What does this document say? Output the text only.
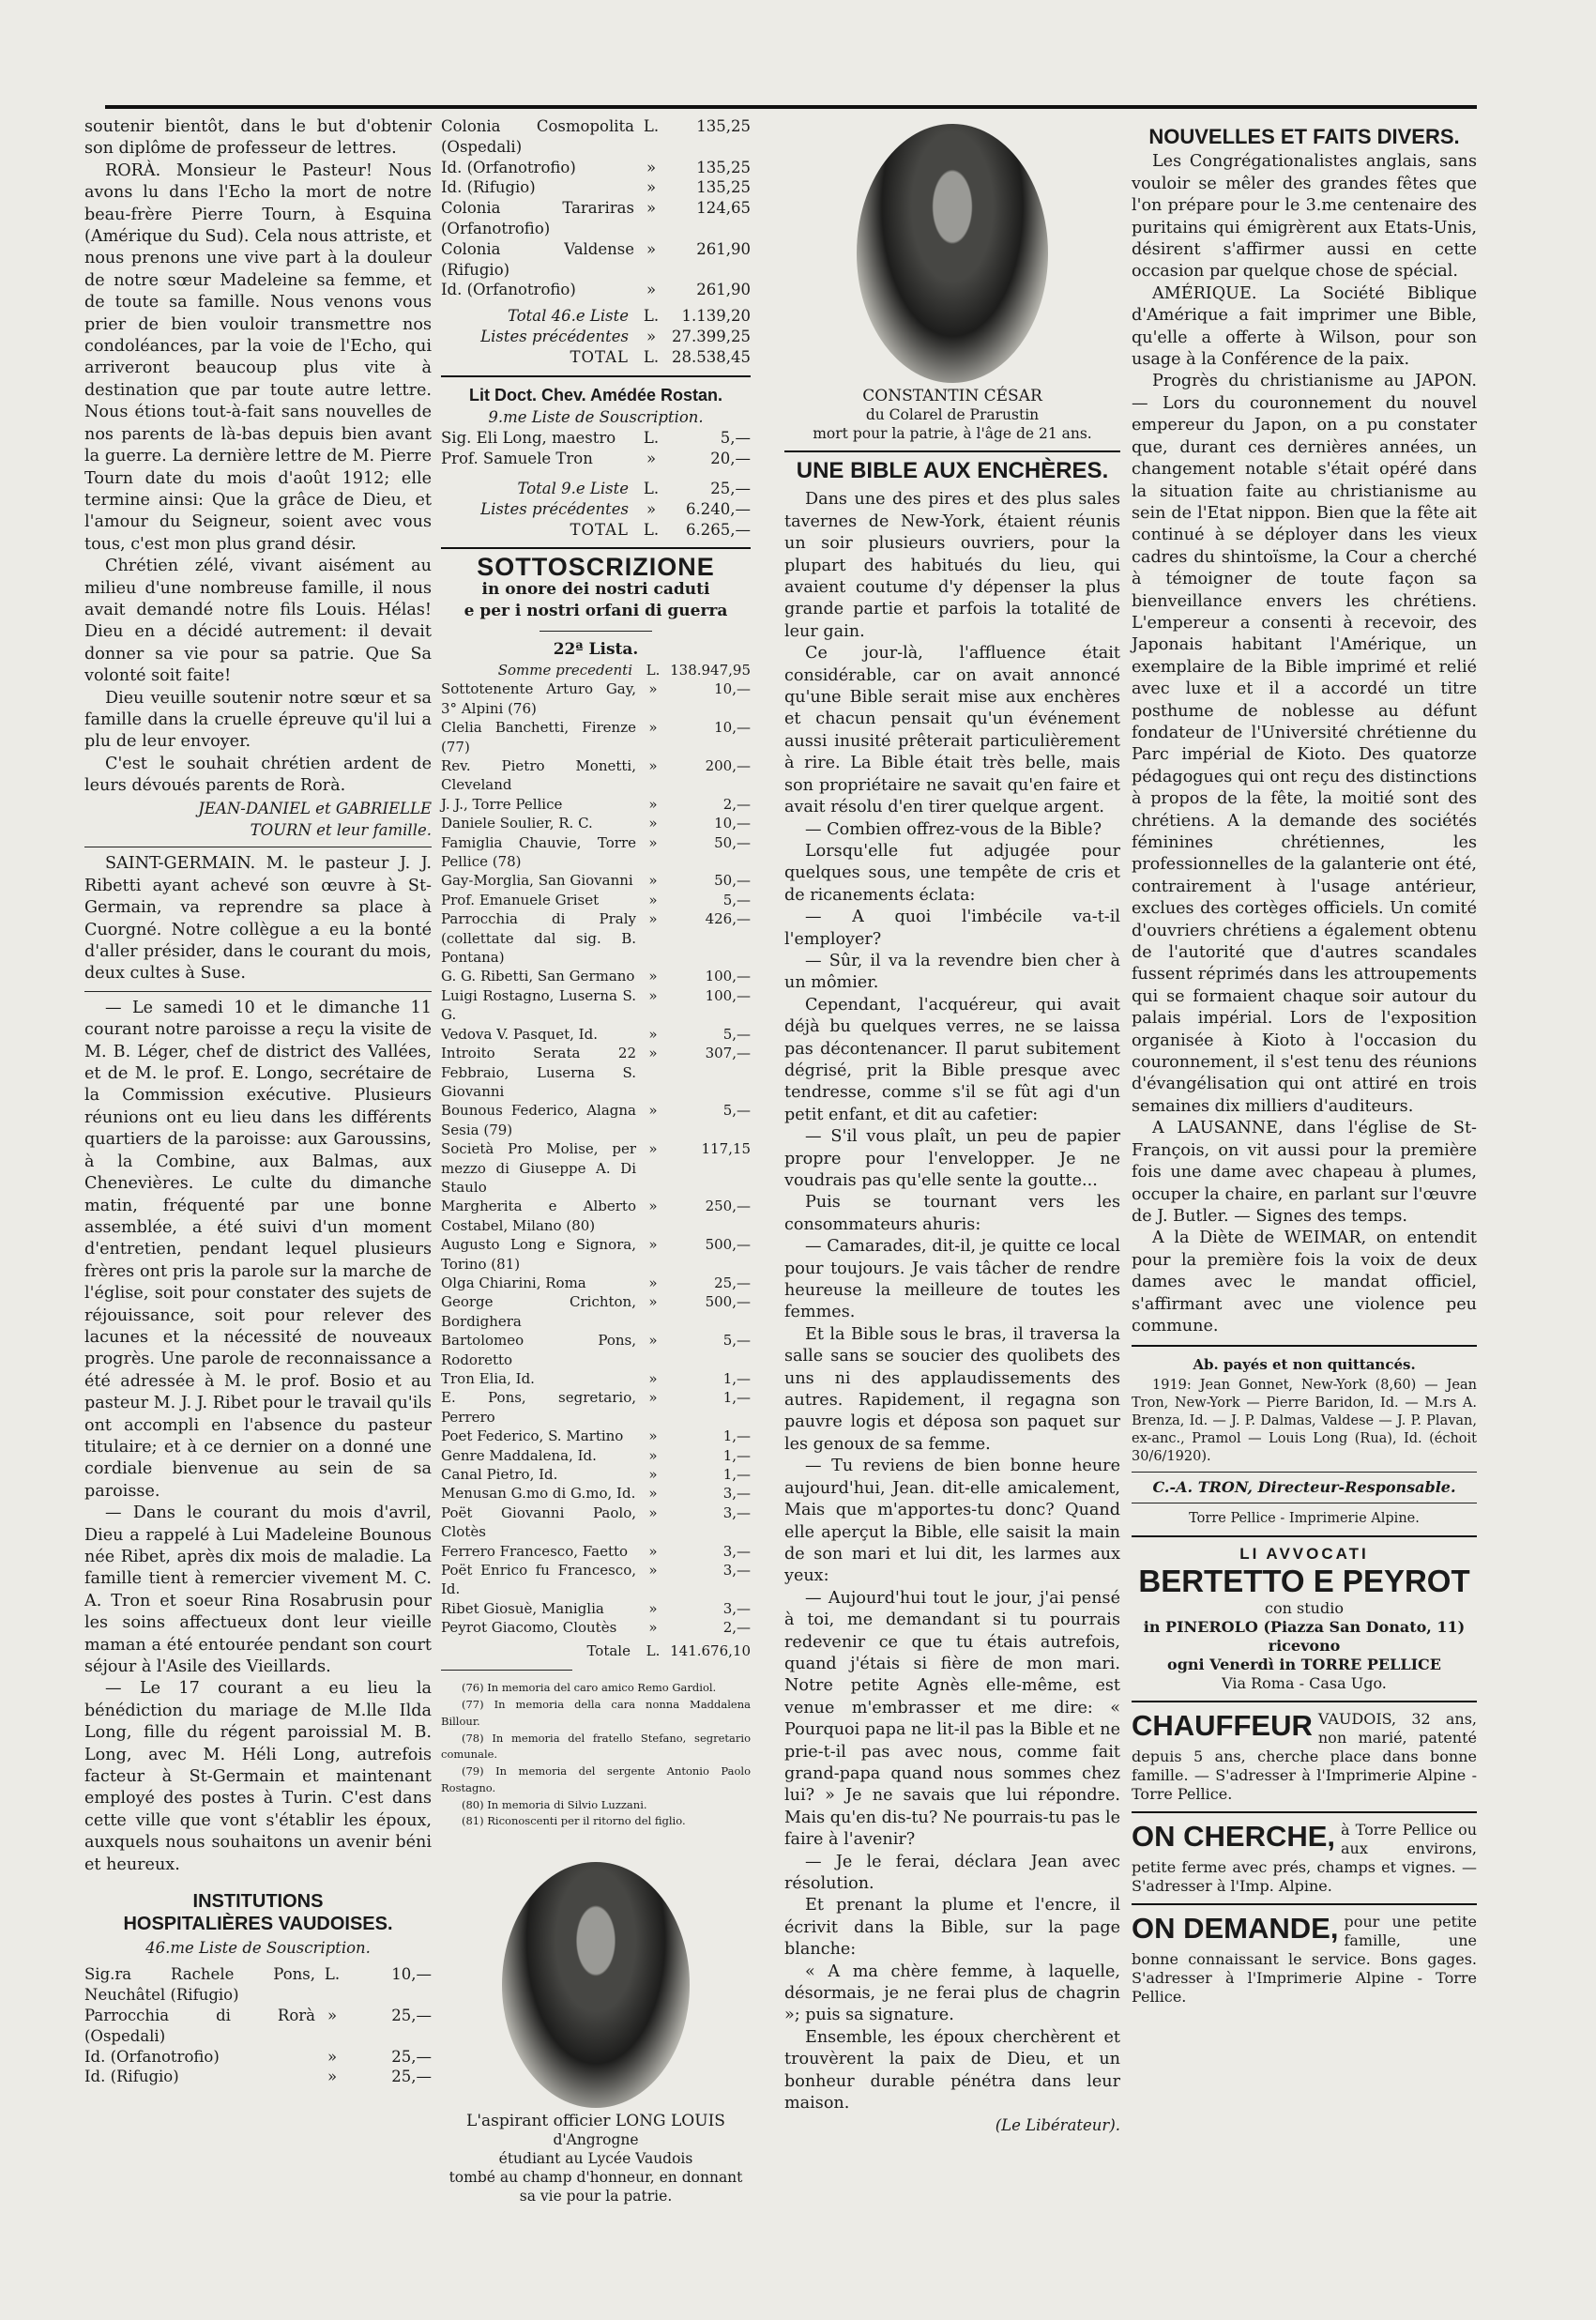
soutenir bientôt, dans le but d'obtenir son diplôme de professeur de lettres.

RORÀ. Monsieur le Pasteur! Nous avons lu dans l'Echo la mort de notre beau-frère Pierre Tourn, à Esquina (Amérique du Sud). Cela nous attriste, et nous prenons une vive part à la douleur de notre sœur Madeleine sa femme, et de toute sa famille. Nous venons vous prier de bien vouloir transmettre nos condoléances, par la voie de l'Echo, qui arriveront beaucoup plus vite à destination que par toute autre lettre. Nous étions tout-à-fait sans nouvelles de nos parents de là-bas depuis bien avant la guerre. La dernière lettre de M. Pierre Tourn date du mois d'août 1912; elle termine ainsi: Que la grâce de Dieu, et l'amour du Seigneur, soient avec vous tous, c'est mon plus grand désir.

Chrétien zélé, vivant aisément au milieu d'une nombreuse famille, il nous avait demandé notre fils Louis. Hélas! Dieu en a décidé autrement: il devait donner sa vie pour sa patrie. Que Sa volonté soit faite!

Dieu veuille soutenir notre sœur et sa famille dans la cruelle épreuve qu'il lui a plu de leur envoyer.

C'est le souhait chrétien ardent de leurs dévoués parents de Rorà.

JEAN-DANIEL et GABRIELLE

TOURN et leur famille.

SAINT-GERMAIN. M. le pasteur J. J. Ribetti ayant achevé son œuvre à St-Germain, va reprendre sa place à Cuorgné. Notre collègue a eu la bonté d'aller présider, dans le courant du mois, deux cultes à Suse.

— Le samedi 10 et le dimanche 11 courant notre paroisse a reçu la visite de M. B. Léger, chef de district des Vallées, et de M. le prof. E. Longo, secrétaire de la Commission exécutive. Plusieurs réunions ont eu lieu dans les différents quartiers de la paroisse: aux Garoussins, à la Combine, aux Balmas, aux Chenevières. Le culte du dimanche matin, fréquenté par une bonne assemblée, a été suivi d'un moment d'entretien, pendant lequel plusieurs frères ont pris la parole sur la marche de l'église, soit pour constater des sujets de réjouissance, soit pour relever des lacunes et la nécessité de nouveaux progrès. Une parole de reconnaissance a été adressée à M. le prof. Bosio et au pasteur M. J. J. Ribet pour le travail qu'ils ont accompli en l'absence du pasteur titulaire; et à ce dernier on a donné une cordiale bienvenue au sein de sa paroisse.

— Dans le courant du mois d'avril, Dieu a rappelé à Lui Madeleine Bounous née Ribet, après dix mois de maladie. La famille tient à remercier vivement M. C. A. Tron et soeur Rina Rosabrusin pour les soins affectueux dont leur vieille maman a été entourée pendant son court séjour à l'Asile des Vieillards.

— Le 17 courant a eu lieu la bénédiction du mariage de M.lle Ilda Long, fille du régent paroissial M. B. Long, avec M. Héli Long, autrefois facteur à St-Germain et maintenant employé des postes à Turin. C'est dans cette ville que vont s'établir les époux, auxquels nous souhaitons un avenir béni et heureux.

INSTITUTIONS

HOSPITALIÈRES VAUDOISES.

46.me Liste de Souscription.

Sig.ra Rachele Pons, Neuchâtel (Rifugio)
L.	10,—
Parrocchia di Rorà (Ospedali)
»	25,—
Id. (Orfanotrofio)	»	25,—
Id. (Rifugio)	»	25,—
Colonia Cosmopolita (Ospedali)
L.	135,25
Id. (Orfanotrofio)	»	135,25
Id. (Rifugio)	»	135,25
Colonia Tarariras (Orfanotrofio)
»	124,65
Colonia Valdense (Rifugio)
»	261,90
Id. (Orfanotrofio)	»	261,90
Total 46.e Liste L.	1.139,20
Listes précédentes	»	27.399,25
TOTAL L. 28.538,45

Lit Doct. Chev. Amédée Rostan.

9.me Liste de Souscription.

Sig. Eli Long, maestro	L.	5,—
Prof. Samuele Tron	»	20,—
Total 9.e Liste L.	25,—
Listes précédentes	»	6.240,—
TOTAL L.	6.265,—

SOTTOSCRIZIONE

in onore dei nostri caduti

e per i nostri orfani di guerra

22ª Lista.

Somme precedenti L. 138.947,95
Sottotenente Arturo Gay, 3° Alpini (76)
»	10,—
Clelia Banchetti, Firenze (77)
»	10,—
Rev. Pietro Monetti, Cleveland
»	200,—
J. J., Torre Pellice	»	2,—
Daniele Soulier, R. C.	»	10,—
Famiglia Chauvie, Torre Pellice (78)
»	50,—
Gay-Morglia, San Giovanni	»	50,—
Prof. Emanuele Griset	»	5,—
Parrocchia di Praly (collettate dal sig. B. Pontana)
»	426,—
G. G. Ribetti, San Germano »	100,—
Luigi Rostagno, Luserna S. G.
»	100,—
Vedova V. Pasquet, Id.	»	5,—
Introito Serata 22 Febbraio, Luserna S. Giovanni
»	307,—
Bounous Federico, Alagna Sesia (79)
»	5,—
Società Pro Molise, per mezzo di Giuseppe A. Di Staulo
»	117,15
Margherita e Alberto Costabel, Milano (80)
»	250,—
Augusto Long e Signora, Torino (81)
»	500,—
Olga Chiarini, Roma	»	25,—
George Crichton, Bordighera
»	500,—
Bartolomeo Pons, Rodoretto
»	5,—
Tron Elia, Id.	»	1,—
E. Pons, segretario, Perrero
»	1,—
Poet Federico, S. Martino	»	1,—
Genre Maddalena, Id.	»	1,—
Canal Pietro, Id.	»	1,—
Menusan G.mo di G.mo, Id. »	3,—
Poët Giovanni Paolo, Clotès
»	3,—
Ferrero Francesco, Faetto	»	3,—
Poët Enrico fu Francesco, Id.
»	3,—
Ribet Giosuè, Maniglia	»	3,—
Peyrot Giacomo, Cloutès	»	2,—
Totale	L. 141.676,10

(76) In memoria del caro amico Remo Gardiol.

(77) In memoria della cara nonna Maddalena Billour.

(78) In memoria del fratello Stefano, segretario comunale.

(79) In memoria del sergente Antonio Paolo Rostagno.

(80) In memoria di Silvio Luzzani.

(81) Riconoscenti per il ritorno del figlio.

L'aspirant officier LONG LOUIS

d'Angrogne

étudiant au Lycée Vaudois

tombé au champ d'honneur, en donnant sa vie pour la patrie.

CONSTANTIN CÉSAR

du Colarel de Prarustin

mort pour la patrie, à l'âge de 21 ans.

UNE BIBLE AUX ENCHÈRES.

Dans une des pires et des plus sales tavernes de New-York, étaient réunis un soir plusieurs ouvriers, pour la plupart des habitués du lieu, qui avaient coutume d'y dépenser la plus grande partie et parfois la totalité de leur gain.

Ce jour-là, l'affluence était considérable, car on avait annoncé qu'une Bible serait mise aux enchères et chacun pensait qu'un événement aussi inusité prêterait particulièrement à rire. La Bible était très belle, mais son propriétaire ne savait qu'en faire et avait résolu d'en tirer quelque argent.

— Combien offrez-vous de la Bible?

Lorsqu'elle fut adjugée pour quelques sous, une tempête de cris et de ricanements éclata:

— A quoi l'imbécile va-t-il l'employer?

— Sûr, il va la revendre bien cher à un mômier.

Cependant, l'acquéreur, qui avait déjà bu quelques verres, ne se laissa pas décontenancer. Il parut subitement dégrisé, prit la Bible presque avec tendresse, comme s'il se fût agi d'un petit enfant, et dit au cafetier:

— S'il vous plaît, un peu de papier propre pour l'envelopper. Je ne voudrais pas qu'elle sente la goutte...

Puis se tournant vers les consommateurs ahuris:

— Camarades, dit-il, je quitte ce local pour toujours. Je vais tâcher de rendre heureuse la meilleure de toutes les femmes.

Et la Bible sous le bras, il traversa la salle sans se soucier des quolibets des uns ni des applaudissements des autres. Rapidement, il regagna son pauvre logis et déposa son paquet sur les genoux de sa femme.

— Tu reviens de bien bonne heure aujourd'hui, Jean. dit-elle amicalement, Mais que m'apportes-tu donc? Quand elle aperçut la Bible, elle saisit la main de son mari et lui dit, les larmes aux yeux:

— Aujourd'hui tout le jour, j'ai pensé à toi, me demandant si tu pourrais redevenir ce que tu étais autrefois, quand j'étais si fière de mon mari. Notre petite Agnès elle-même, est venue m'embrasser et me dire: « Pourquoi papa ne lit-il pas la Bible et ne prie-t-il pas avec nous, comme fait grand-papa quand nous sommes chez lui? » Je ne savais que lui répondre. Mais qu'en dis-tu? Ne pourrais-tu pas le faire à l'avenir?

— Je le ferai, déclara Jean avec résolution.

Et prenant la plume et l'encre, il écrivit dans la Bible, sur la page blanche:

« A ma chère femme, à laquelle, désormais, je ne ferai plus de chagrin »; puis sa signature.

Ensemble, les époux cherchèrent et trouvèrent la paix de Dieu, et un bonheur durable pénétra dans leur maison.

(Le Libérateur).

NOUVELLES ET FAITS DIVERS.

Les Congrégationalistes anglais, sans vouloir se mêler des grandes fêtes que l'on prépare pour le 3.me centenaire des puritains qui émigrèrent aux Etats-Unis, désirent s'affirmer aussi en cette occasion par quelque chose de spécial.

AMÉRIQUE. La Société Biblique d'Amérique a fait imprimer une Bible, qu'elle a offerte à Wilson, pour son usage à la Conférence de la paix.

Progrès du christianisme au JAPON. — Lors du couronnement du nouvel empereur du Japon, on a pu constater que, durant ces dernières années, un changement notable s'était opéré dans la situation faite au christianisme au sein de l'Etat nippon. Bien que la fête ait continué à se déployer dans les vieux cadres du shintoïsme, la Cour a cherché à témoigner de toute façon sa bienveillance envers les chrétiens. L'empereur a consenti à recevoir, des Japonais habitant l'Amérique, un exemplaire de la Bible imprimé et relié avec luxe et il a accordé un titre posthume de noblesse au défunt fondateur de l'Université chrétienne du Parc impérial de Kioto. Des quatorze pédagogues qui ont reçu des distinctions à propos de la fête, la moitié sont des chrétiens. A la demande des sociétés féminines chrétiennes, les professionnelles de la galanterie ont été, contrairement à l'usage antérieur, exclues des cortèges officiels. Un comité d'ouvriers chrétiens a également obtenu de l'autorité que d'autres scandales fussent réprimés dans les attroupements qui se formaient chaque soir autour du palais impérial. Lors de l'exposition organisée à Kioto à l'occasion du couronnement, il s'est tenu des réunions d'évangélisation qui ont attiré en trois semaines dix milliers d'auditeurs.

A LAUSANNE, dans l'église de St-François, on vit aussi pour la première fois une dame avec chapeau à plumes, occuper la chaire, en parlant sur l'œuvre de J. Butler. — Signes des temps.

A la Diète de WEIMAR, on entendit pour la première fois la voix de deux dames avec le mandat officiel, s'affirmant avec une violence peu commune.

Ab. payés et non quittancés.

1919: Jean Gonnet, New-York (8,60) — Jean Tron, New-York — Pierre Baridon, Id. — M.rs A. Brenza, Id. — J. P. Dalmas, Valdese — J. P. Plavan, ex-anc., Pramol — Louis Long (Rua), Id. (échoit 30/6/1920).

C.-A. TRON, Directeur-Responsable.

Torre Pellice - Imprimerie Alpine.

LI AVVOCATI

BERTETTO E PEYROT

con studio

in PINEROLO (Piazza San Donato, 11)

ricevono

ogni Venerdì in TORRE PELLICE

Via Roma - Casa Ugo.

CHAUFFEUR VAUDOIS, 32 ans, non marié, patenté depuis 5 ans, cherche place dans bonne famille. — S'adresser à l'Imprimerie Alpine - Torre Pellice.

ON CHERCHE, à Torre Pellice ou aux environs, petite ferme avec prés, champs et vignes. — S'adresser à l'Imp. Alpine.

ON DEMANDE, pour une petite famille, une bonne connaissant le service. Bons gages. S'adresser à l'Imprimerie Alpine - Torre Pellice.
